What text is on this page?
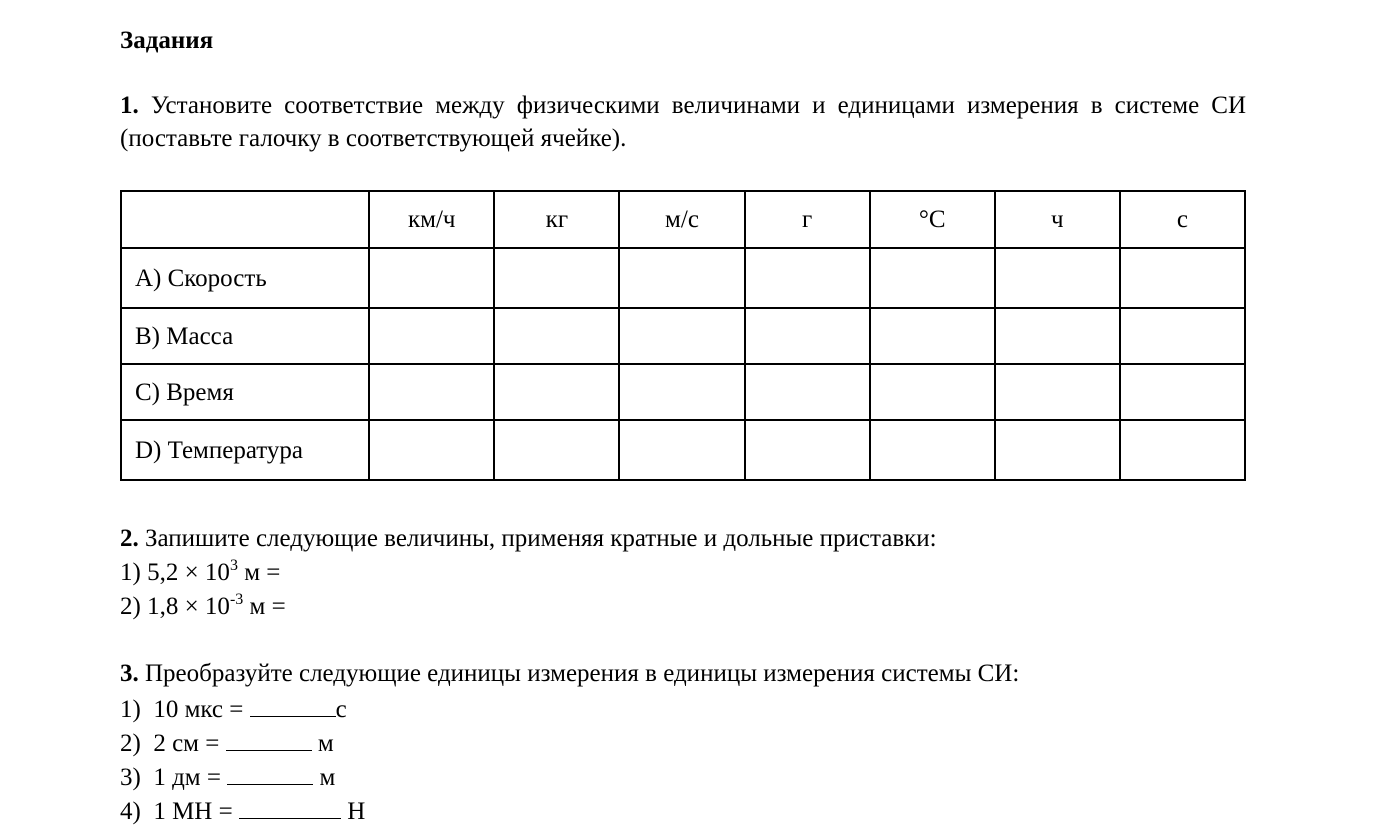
Задания
1. Установите соответствие между физическими величинами и единицами измерения в системе СИ (поставьте галочку в соответствующей ячейке).
	км/ч	кг	м/с	г	°C	ч	с
A) Скорость							
B) Масса							
C) Время							
D) Температура							
2. Запишите следующие величины, применяя кратные и дольные приставки:
1) $5,2 \times 10^3$ м =
2) $1,8 \times 10^{-3}$ м =
3. Преобразуйте следующие единицы измерения в единицы измерения системы СИ:
1)  10 мкс =	с
2)  2 см =	м
3)  1 дм =	м
4)  1 МН =	Н
